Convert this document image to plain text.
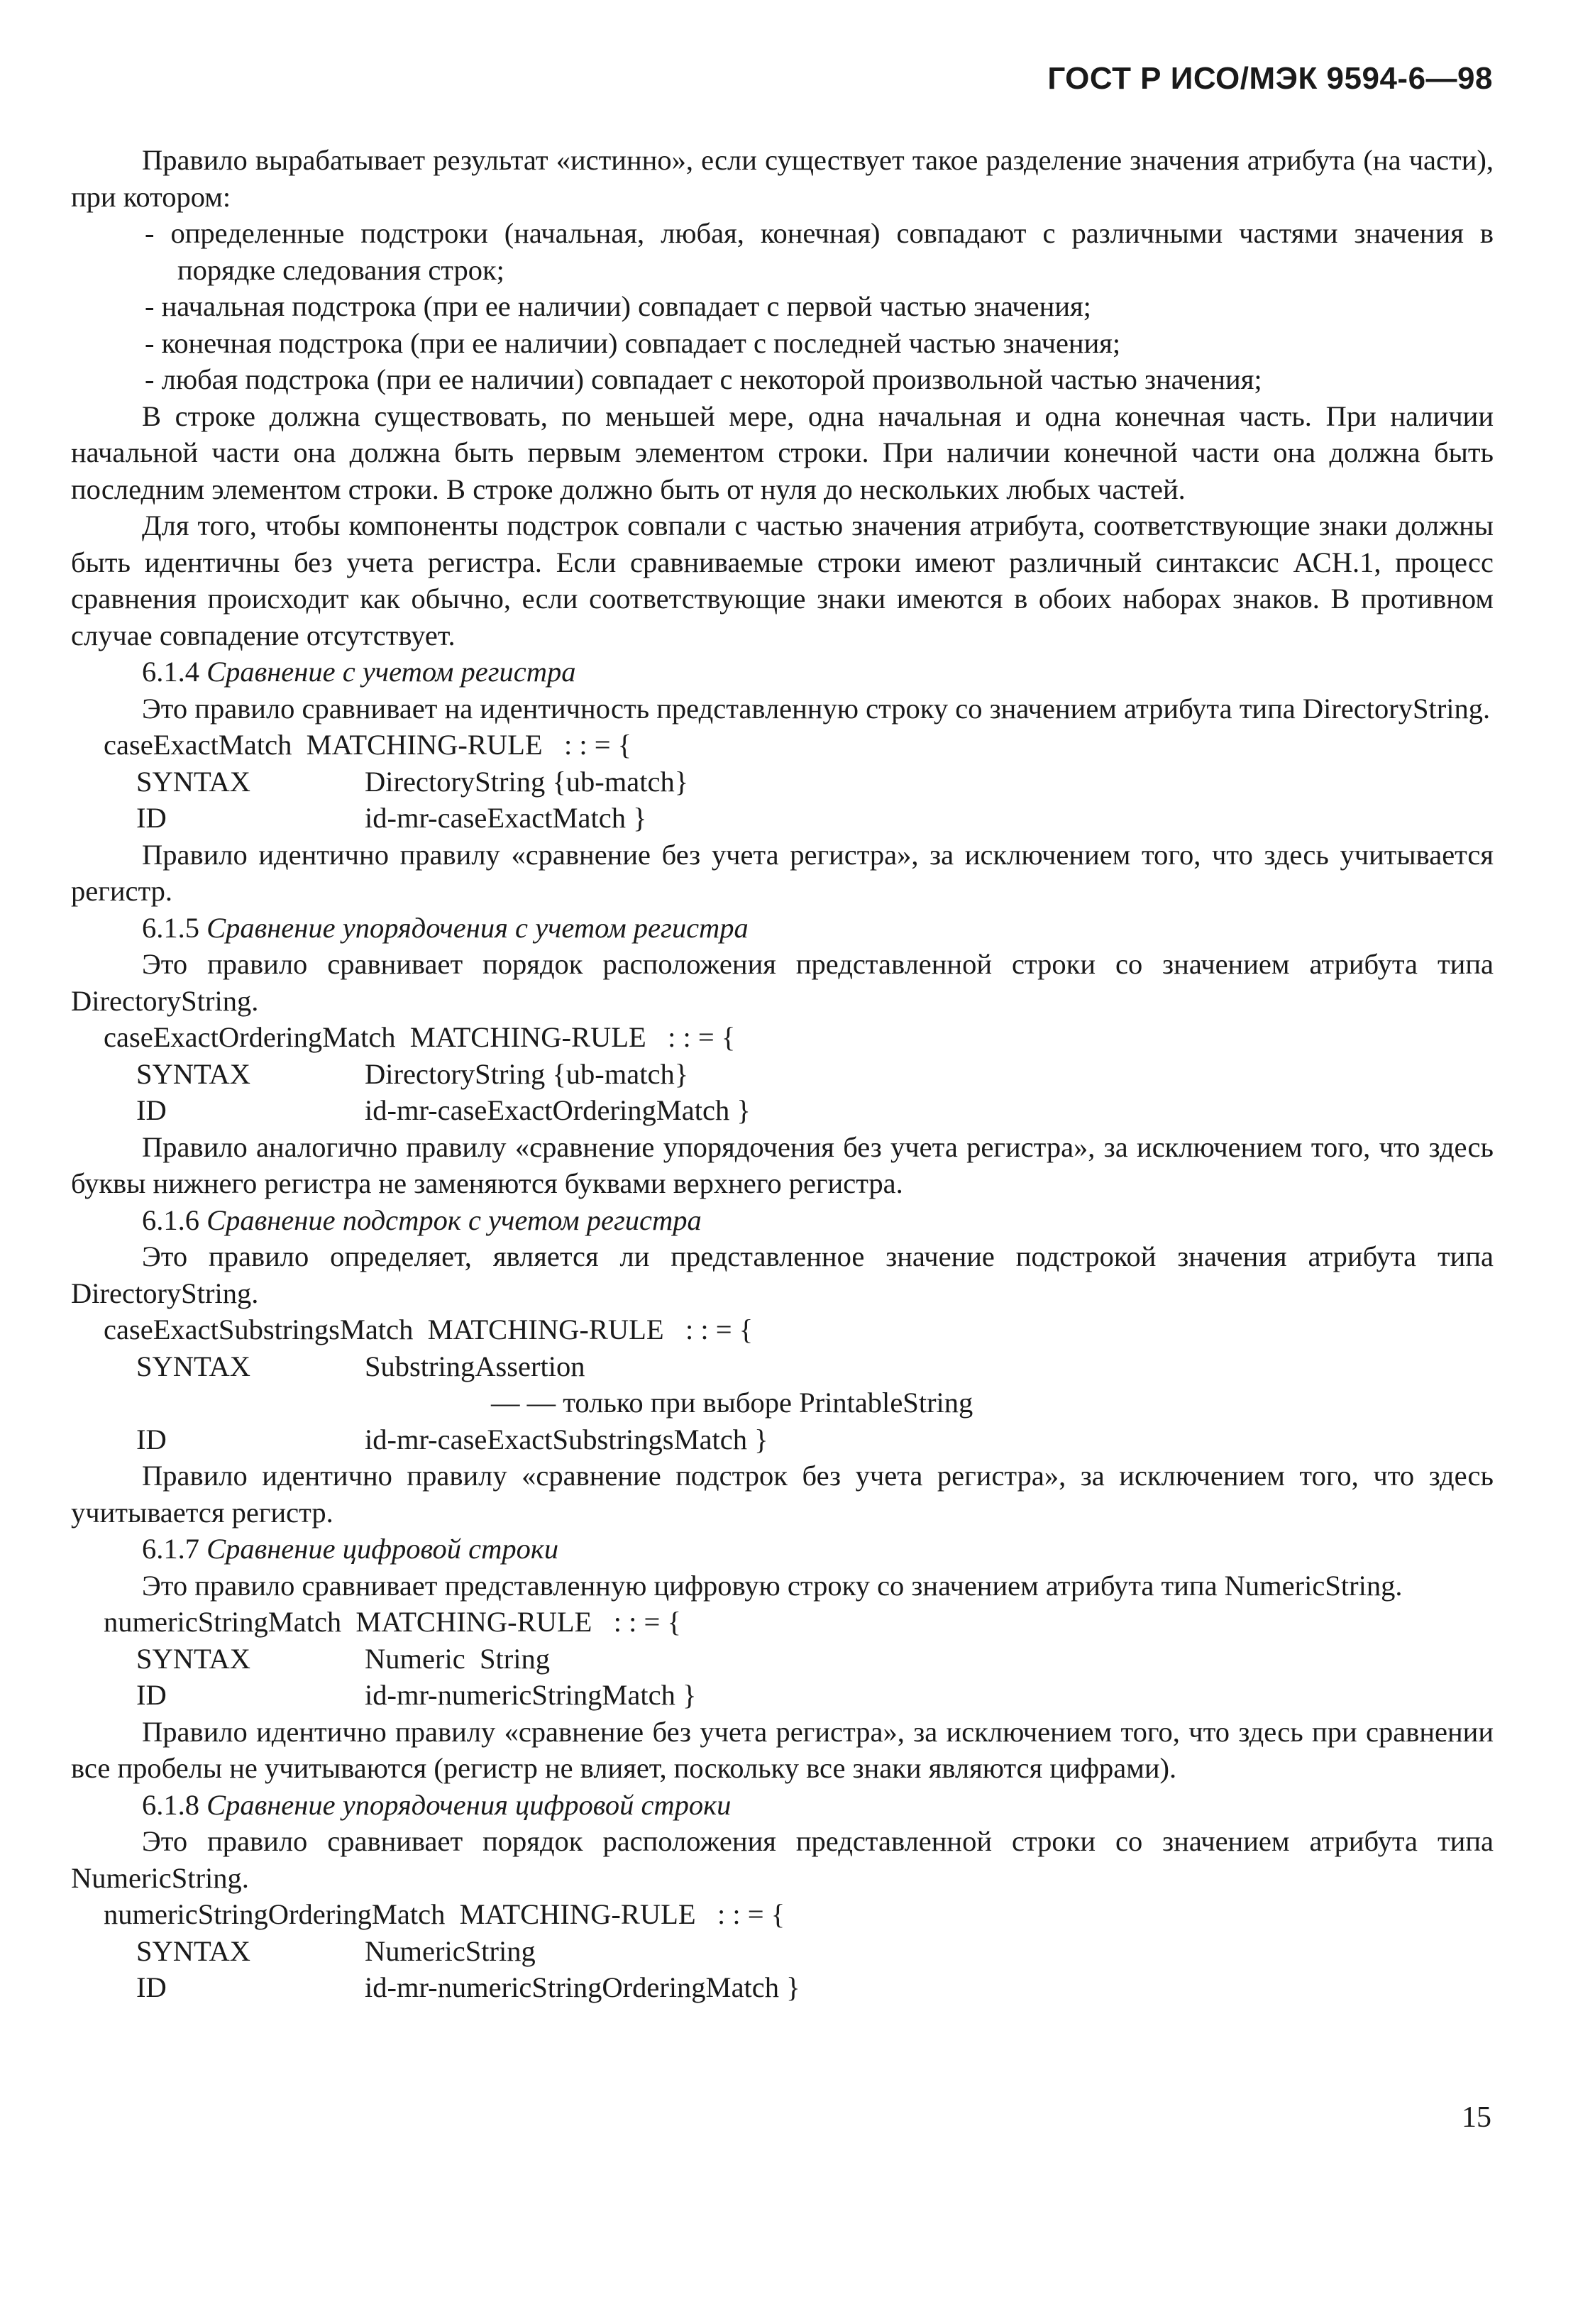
ГОСТ Р ИСО/МЭК 9594-6—98

Правило вырабатывает результат «истинно», если существует такое разделение значения атрибута (на части), при котором:

- определенные подстроки (начальная, любая, конечная) совпадают с различными частями значения в порядке следования строк;

- начальная подстрока (при ее наличии) совпадает с первой частью значения;

- конечная подстрока (при ее наличии) совпадает с последней частью значения;

- любая подстрока (при ее наличии) совпадает с некоторой произвольной частью значения;

В строке должна существовать, по меньшей мере, одна начальная и одна конечная часть. При наличии начальной части она должна быть первым элементом строки. При наличии конечной части она должна быть последним элементом строки. В строке должно быть от нуля до нескольких любых частей.

Для того, чтобы компоненты подстрок совпали с частью значения атрибута, соответствующие знаки должны быть идентичны без учета регистра. Если сравниваемые строки имеют различный синтаксис АСН.1, процесс сравнения происходит как обычно, если соответствующие знаки имеются в обоих наборах знаков. В противном случае совпадение отсутствует.

6.1.4 Сравнение с учетом регистра

Это правило сравнивает на идентичность представленную строку со значением атрибута типа DirectoryString.

caseExactMatch  MATCHING-RULE   : : = {

SYNTAX	DirectoryString {ub-match}

ID	id-mr-caseExactMatch }

Правило идентично правилу «сравнение без учета регистра», за исключением того, что здесь учитывается регистр.

6.1.5 Сравнение упорядочения с учетом регистра

Это правило сравнивает порядок расположения представленной строки со значением атрибута типа DirectoryString.

caseExactOrderingMatch  MATCHING-RULE   : : = {

SYNTAX	DirectoryString {ub-match}

ID	id-mr-caseExactOrderingMatch }

Правило аналогично правилу «сравнение упорядочения без учета регистра», за исключением того, что здесь буквы нижнего регистра не заменяются буквами верхнего регистра.

6.1.6 Сравнение подстрок с учетом регистра

Это правило определяет, является ли представленное значение подстрокой значения атрибута типа DirectoryString.

caseExactSubstringsMatch  MATCHING-RULE   : : = {

SYNTAX	SubstringAssertion

— — только при выборе PrintableString

ID	id-mr-caseExactSubstringsMatch }

Правило идентично правилу «сравнение подстрок без учета регистра», за исключением того, что здесь учитывается регистр.

6.1.7 Сравнение цифровой строки

Это правило сравнивает представленную цифровую строку со значением атрибута типа NumericString.

numericStringMatch  MATCHING-RULE   : : = {

SYNTAX	Numeric  String

ID	id-mr-numericStringMatch }

Правило идентично правилу «сравнение без учета регистра», за исключением того, что здесь при сравнении все пробелы не учитываются (регистр не влияет, поскольку все знаки являются цифрами).

6.1.8 Сравнение упорядочения цифровой строки

Это правило сравнивает порядок расположения представленной строки со значением атрибута типа NumericString.

numericStringOrderingMatch  MATCHING-RULE   : : = {

SYNTAX	NumericString

ID	id-mr-numericStringOrderingMatch }

15
